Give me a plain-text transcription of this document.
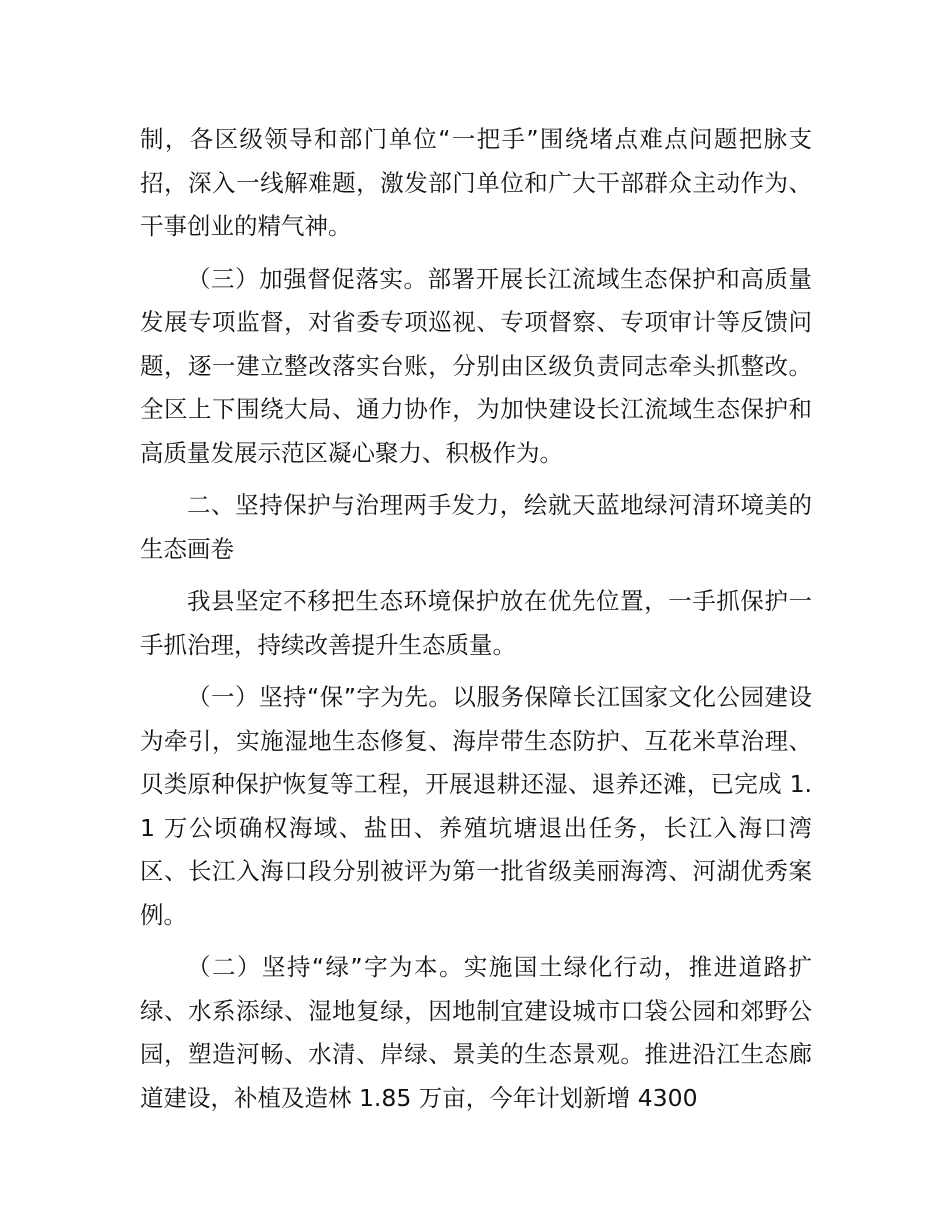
制，各区级领导和部门单位“一把手”围绕堵点难点问题把脉支招，深入一线解难题，激发部门单位和广大干部群众主动作为、干事创业的精气神。

（三）加强督促落实。部署开展长江流域生态保护和高质量发展专项监督，对省委专项巡视、专项督察、专项审计等反馈问题，逐一建立整改落实台账，分别由区级负责同志牵头抓整改。全区上下围绕大局、通力协作，为加快建设长江流域生态保护和高质量发展示范区凝心聚力、积极作为。

二、坚持保护与治理两手发力，绘就天蓝地绿河清环境美的生态画卷

我县坚定不移把生态环境保护放在优先位置，一手抓保护一手抓治理，持续改善提升生态质量。

（一）坚持“保”字为先。以服务保障长江国家文化公园建设为牵引，实施湿地生态修复、海岸带生态防护、互花米草治理、贝类原种保护恢复等工程，开展退耕还湿、退养还滩，已完成 1.1 万公顷确权海域、盐田、养殖坑塘退出任务，长江入海口湾区、长江入海口段分别被评为第一批省级美丽海湾、河湖优秀案例。

（二）坚持“绿”字为本。实施国土绿化行动，推进道路扩绿、水系添绿、湿地复绿，因地制宜建设城市口袋公园和郊野公园，塑造河畅、水清、岸绿、景美的生态景观。推进沿江生态廊道建设，补植及造林 1.85 万亩，今年计划新增 4300
